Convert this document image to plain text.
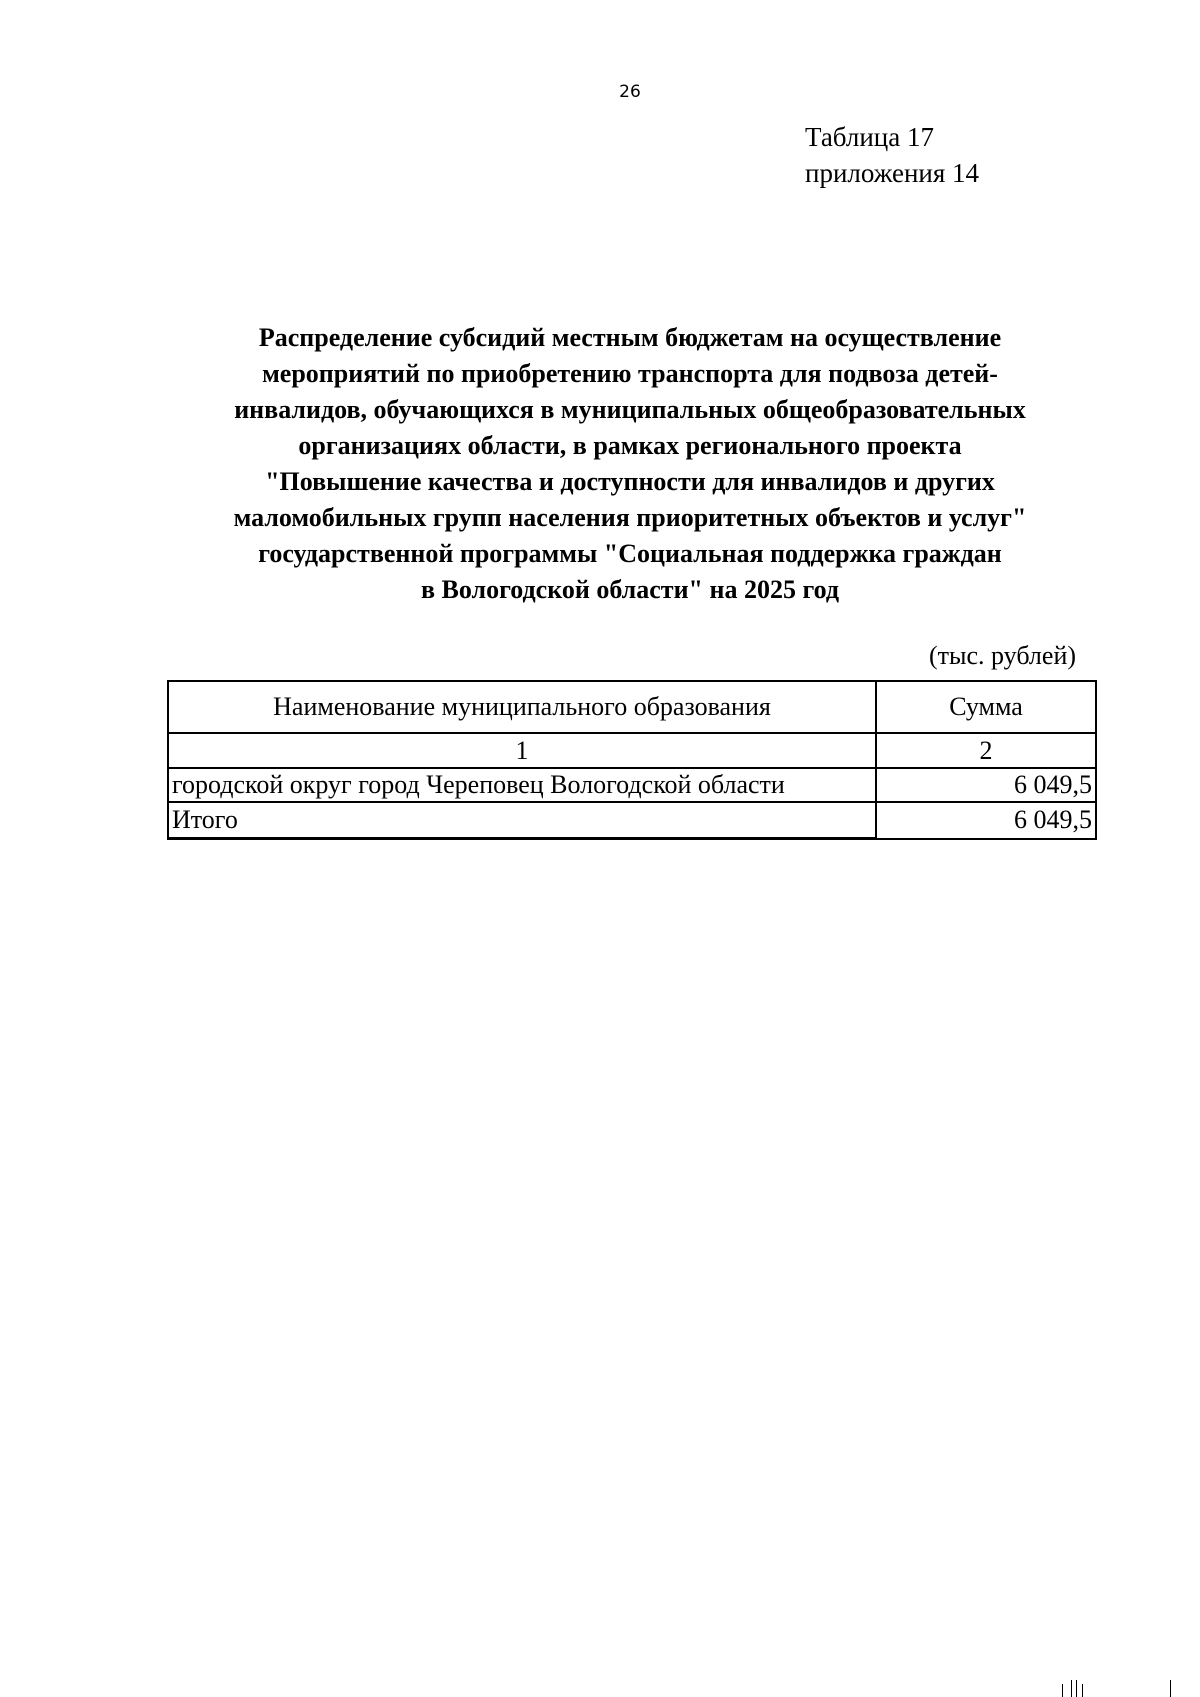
26
Таблица 17
приложения 14
Распределение субсидий местным бюджетам на осуществление
мероприятий по приобретению транспорта для подвоза детей-
инвалидов, обучающихся в муниципальных общеобразовательных
организациях области, в рамках регионального проекта
"Повышение качества и доступности для инвалидов и других
маломобильных групп населения приоритетных объектов и услуг"
государственной программы "Социальная поддержка граждан
в Вологодской области" на 2025 год
(тыс. рублей)
Наименование муниципального образования	Сумма
1	2
городской округ город Череповец Вологодской области	6 049,5
Итого	6 049,5
